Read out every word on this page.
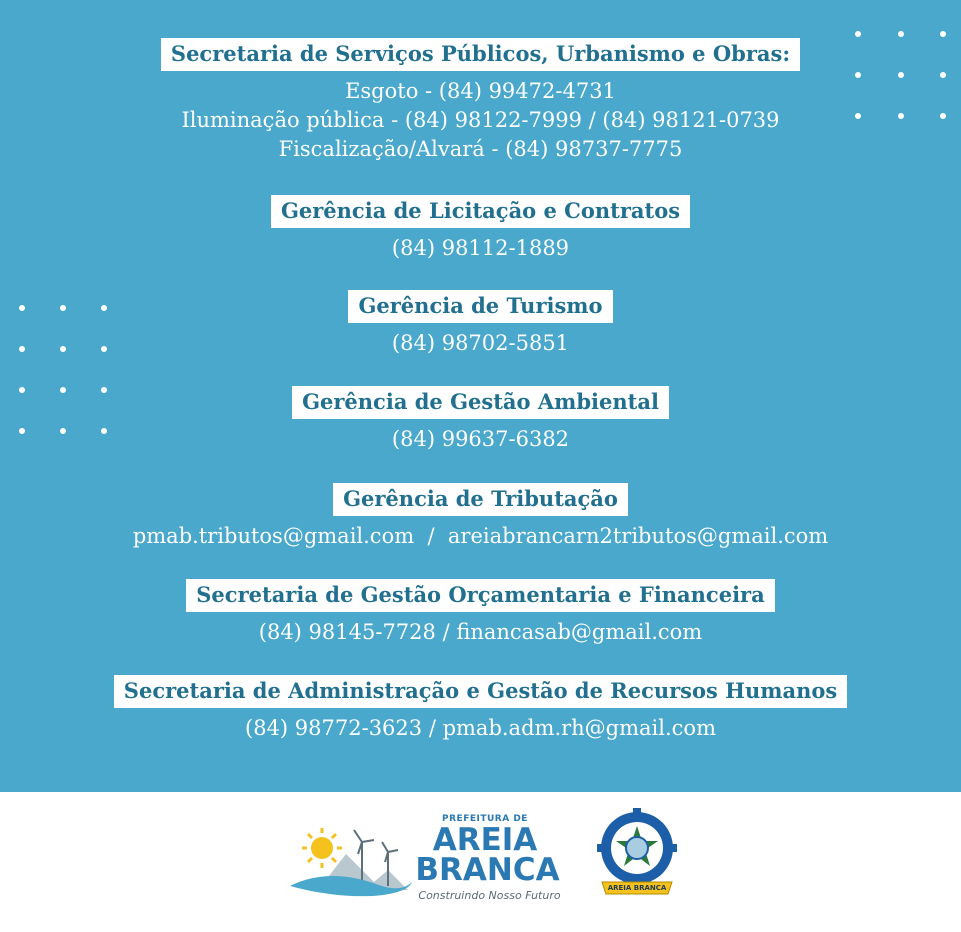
Secretaria de Serviços Públicos, Urbanismo e Obras:
Esgoto - (84) 99472-4731
Iluminação pública - (84) 98122-7999 / (84) 98121-0739
Fiscalização/Alvará - (84) 98737-7775
Gerência de Licitação e Contratos
(84) 98112-1889
Gerência de Turismo
(84) 98702-5851
Gerência de Gestão Ambiental
(84) 99637-6382
Gerência de Tributação
pmab.tributos@gmail.com  /  areiabrancarn2tributos@gmail.com
Secretaria de Gestão Orçamentaria e Financeira
(84) 98145-7728 / financasab@gmail.com
Secretaria de Administração e Gestão de Recursos Humanos
(84) 98772-3623 / pmab.adm.rh@gmail.com
PREFEITURA DE
AREIA
BRANCA
Construindo Nosso Futuro
AREIA BRANCA
